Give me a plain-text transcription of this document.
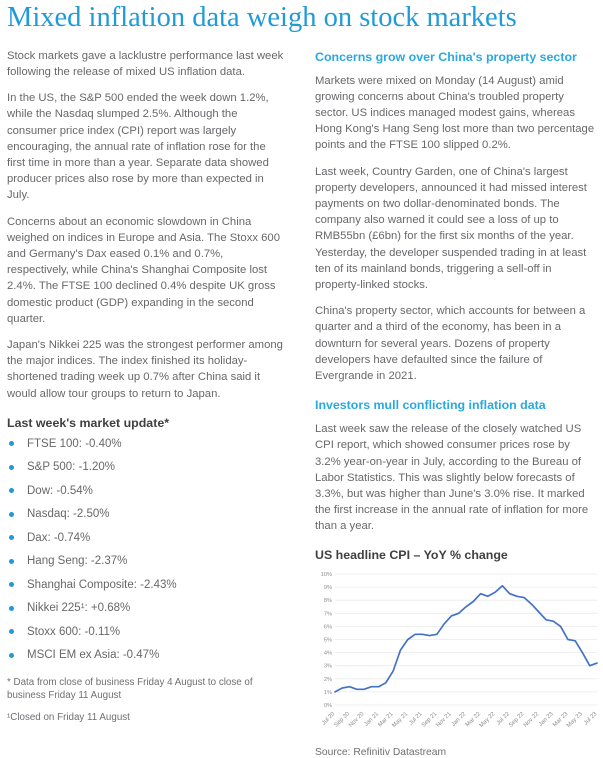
Mixed inflation data weigh on stock markets

Stock markets gave a lacklustre performance last week following the release of mixed US inflation data.

In the US, the S&P 500 ended the week down 1.2%, while the Nasdaq slumped 2.5%. Although the consumer price index (CPI) report was largely encouraging, the annual rate of inflation rose for the first time in more than a year. Separate data showed producer prices also rose by more than expected in July.

Concerns about an economic slowdown in China weighed on indices in Europe and Asia. The Stoxx 600 and Germany's Dax eased 0.1% and 0.7%, respectively, while China's Shanghai Composite lost 2.4%. The FTSE 100 declined 0.4% despite UK gross domestic product (GDP) expanding in the second quarter.

Japan's Nikkei 225 was the strongest performer among the major indices. The index finished its holiday-shortened trading week up 0.7% after China said it would allow tour groups to return to Japan.

Last week's market update*
FTSE 100: -0.40%
S&P 500: -1.20%
Dow: -0.54%
Nasdaq: -2.50%
Dax: -0.74%
Hang Seng: -2.37%
Shanghai Composite: -2.43%
Nikkei 225¹: +0.68%
Stoxx 600: -0.11%
MSCI EM ex Asia: -0.47%

* Data from close of business Friday 4 August to close of business Friday 11 August

¹Closed on Friday 11 August

Concerns grow over China's property sector

Markets were mixed on Monday (14 August) amid growing concerns about China's troubled property sector. US indices managed modest gains, whereas Hong Kong's Hang Seng lost more than two percentage points and the FTSE 100 slipped 0.2%.

Last week, Country Garden, one of China's largest property developers, announced it had missed interest payments on two dollar-denominated bonds. The company also warned it could see a loss of up to RMB55bn (£6bn) for the first six months of the year. Yesterday, the developer suspended trading in at least ten of its mainland bonds, triggering a sell-off in property-linked stocks.

China's property sector, which accounts for between a quarter and a third of the economy, has been in a downturn for several years. Dozens of property developers have defaulted since the failure of Evergrande in 2021.

Investors mull conflicting inflation data

Last week saw the release of the closely watched US CPI report, which showed consumer prices rose by 3.2% year-on-year in July, according to the Bureau of Labor Statistics. This was slightly below forecasts of 3.3%, but was higher than June's 3.0% rise. It marked the first increase in the annual rate of inflation for more than a year.

US headline CPI – YoY % change
0%
1%
2%
3%
4%
5%
6%
7%
8%
9%
10%
Jul 20
Sep 20
Nov 20
Jan 21
Mar 21
May 21 Jul 21
Sep 21
Nov 21
Jan 22
Mar 22
May 22 Jul 22
Sep 22
Nov 22
Jan 23
Mar 23
May 23 Jul 23

Source: Refinitiv Datastream
